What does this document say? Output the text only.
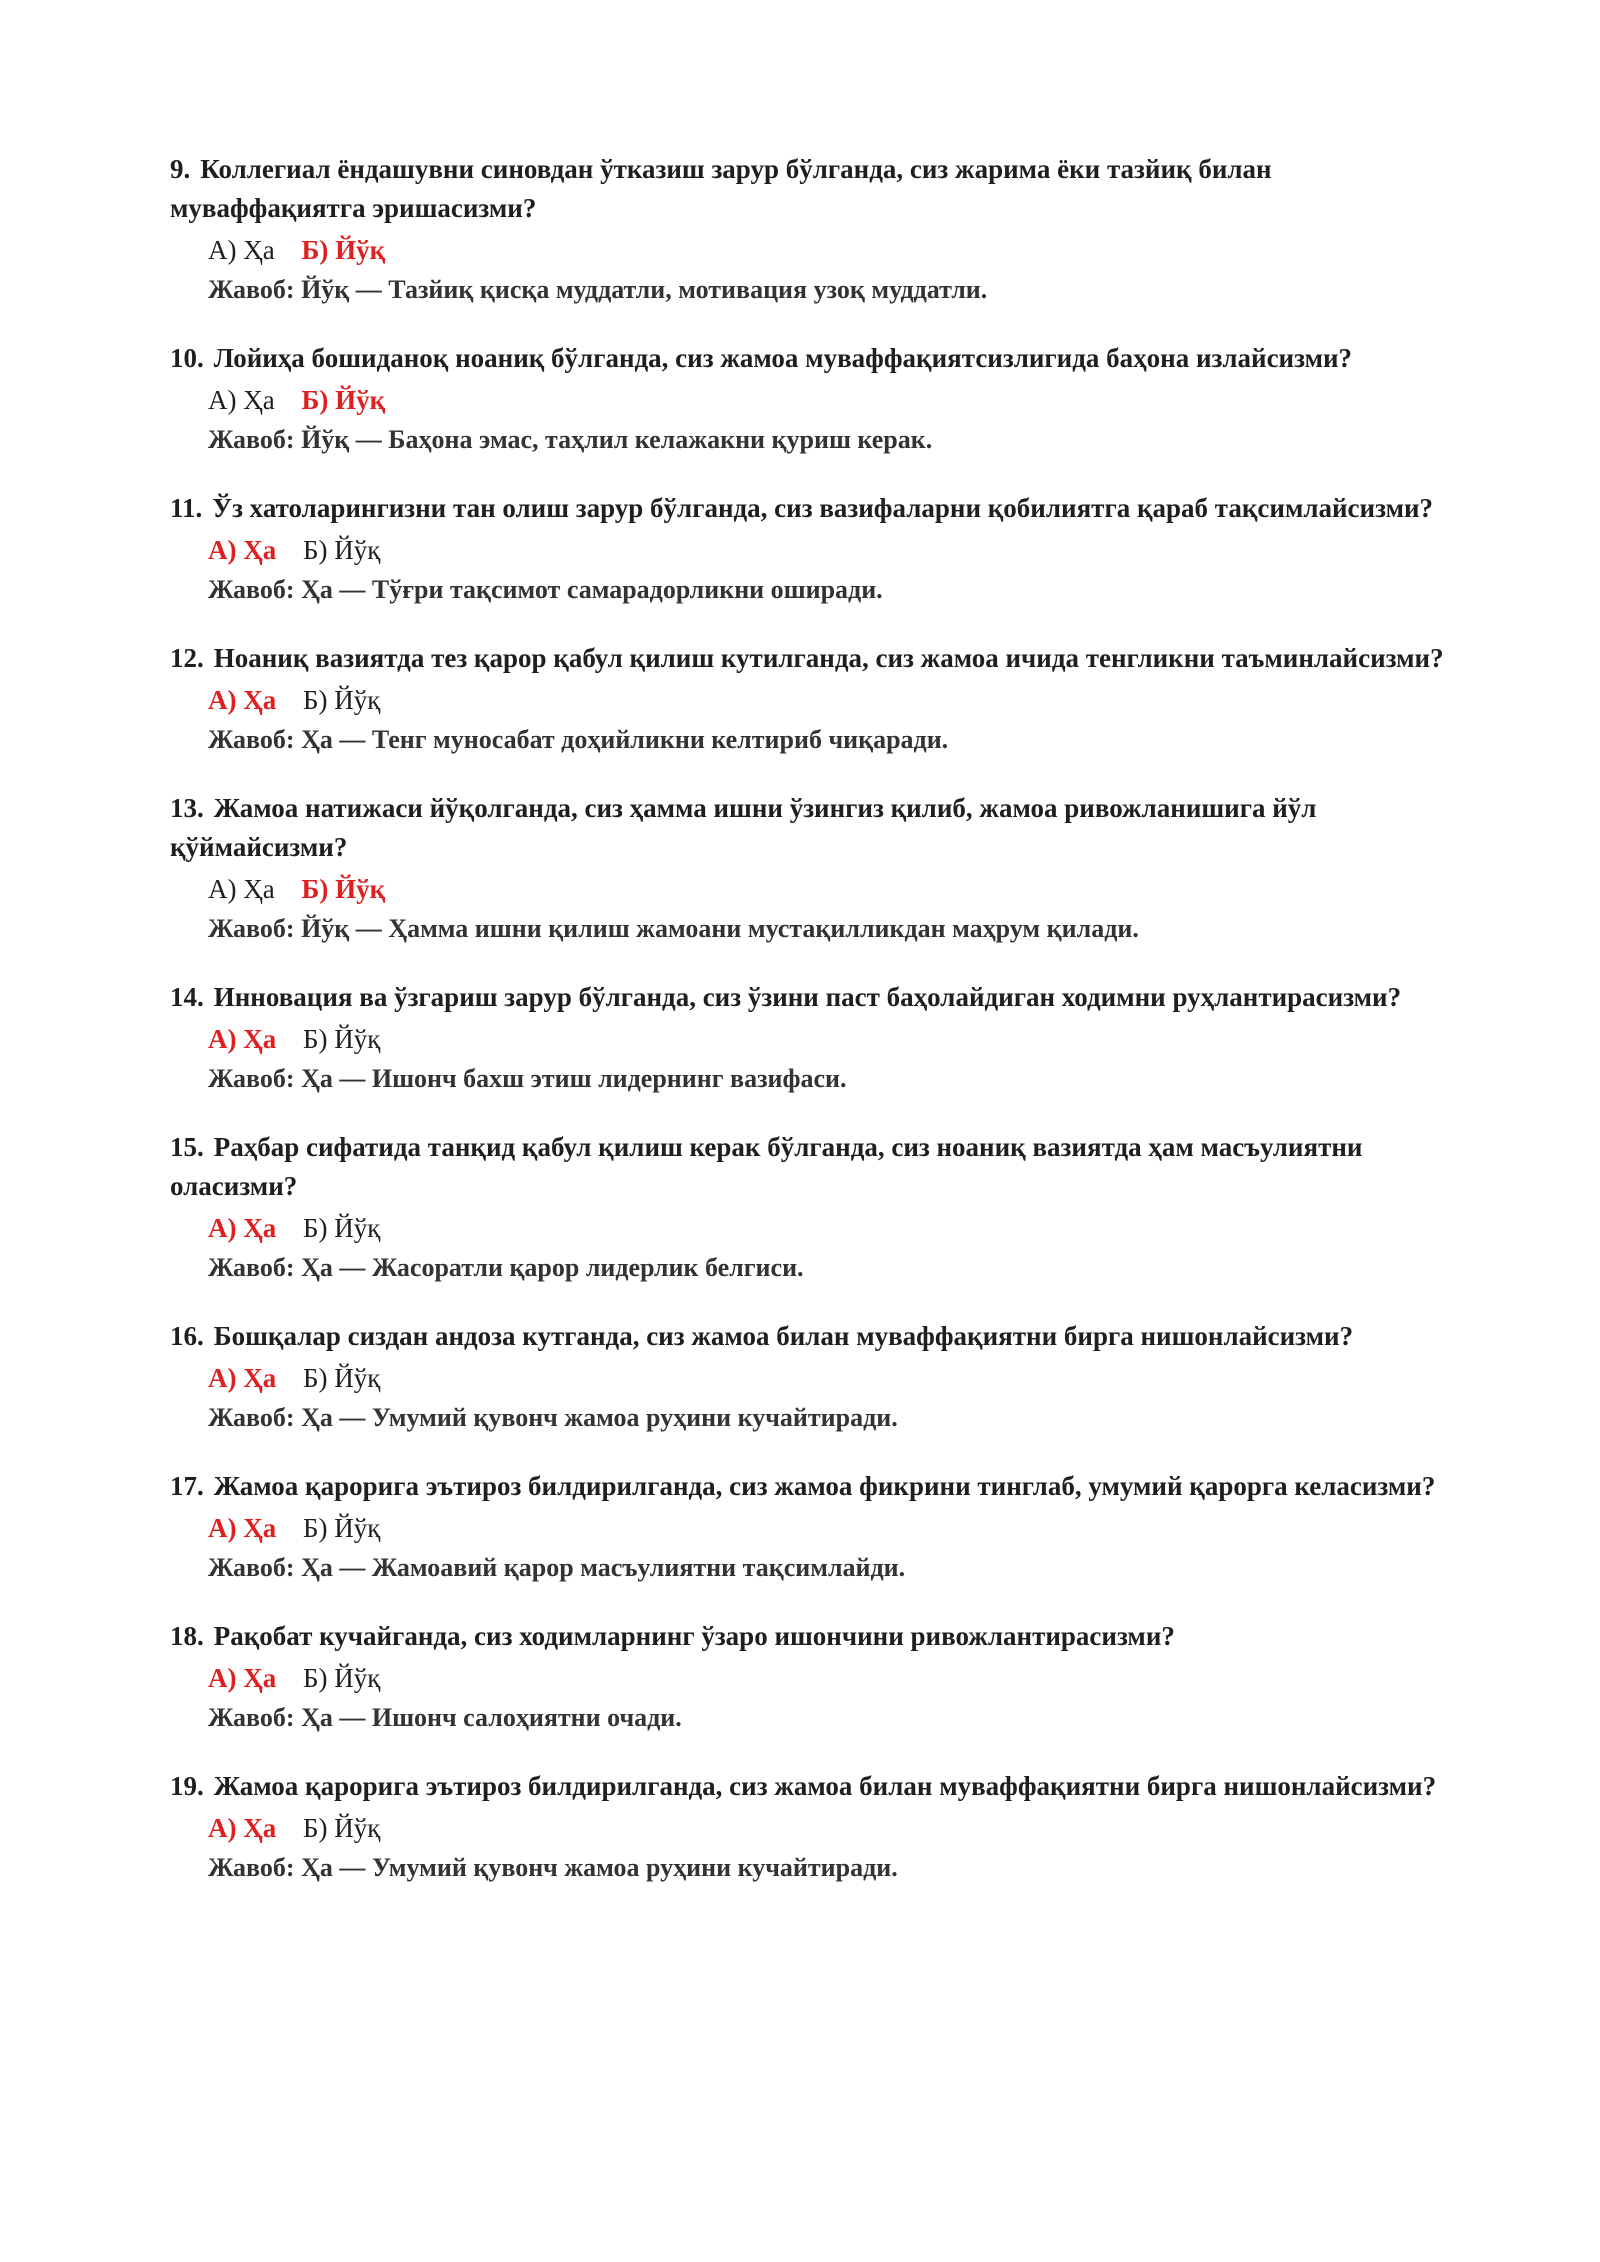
9. Коллегиал ёндашувни синовдан ўтказиш зарур бўлганда, сиз жарима ёки тазйиқ билан муваффақиятга эришасизми?

А) Ҳа Б) Йўқ
Жавоб: Йўқ — Тазйиқ қисқа муддатли, мотивация узоқ муддатли.

10. Лойиҳа бошиданоқ ноаниқ бўлганда, сиз жамоа муваффақиятсизлигида баҳона излайсизми?

А) Ҳа Б) Йўқ
Жавоб: Йўқ — Баҳона эмас, таҳлил келажакни қуриш керак.

11. Ўз хатоларингизни тан олиш зарур бўлганда, сиз вазифаларни қобилиятга қараб тақсимлайсизми?

А) Ҳа Б) Йўқ
Жавоб: Ҳа — Тўғри тақсимот самарадорликни оширади.

12. Ноаниқ вазиятда тез қарор қабул қилиш кутилганда, сиз жамоа ичида тенгликни таъминлайсизми?

А) Ҳа Б) Йўқ
Жавоб: Ҳа — Тенг муносабат доҳийликни келтириб чиқаради.

13. Жамоа натижаси йўқолганда, сиз ҳамма ишни ўзингиз қилиб, жамоа ривожланишига йўл қўймайсизми?

А) Ҳа Б) Йўқ
Жавоб: Йўқ — Ҳамма ишни қилиш жамоани мустақилликдан маҳрум қилади.

14. Инновация ва ўзгариш зарур бўлганда, сиз ўзини паст баҳолайдиган ходимни руҳлантирасизми?

А) Ҳа Б) Йўқ
Жавоб: Ҳа — Ишонч бахш этиш лидернинг вазифаси.

15. Раҳбар сифатида танқид қабул қилиш керак бўлганда, сиз ноаниқ вазиятда ҳам масъулиятни оласизми?

А) Ҳа Б) Йўқ
Жавоб: Ҳа — Жасоратли қарор лидерлик белгиси.

16. Бошқалар сиздан андоза кутганда, сиз жамоа билан муваффақиятни бирга нишонлайсизми?

А) Ҳа Б) Йўқ
Жавоб: Ҳа — Умумий қувонч жамоа руҳини кучайтиради.

17. Жамоа қарорига эътироз билдирилганда, сиз жамоа фикрини тинглаб, умумий қарорга келасизми?

А) Ҳа Б) Йўқ
Жавоб: Ҳа — Жамоавий қарор масъулиятни тақсимлайди.

18. Рақобат кучайганда, сиз ходимларнинг ўзаро ишончини ривожлантирасизми?

А) Ҳа Б) Йўқ
Жавоб: Ҳа — Ишонч салоҳиятни очади.

19. Жамоа қарорига эътироз билдирилганда, сиз жамоа билан муваффақиятни бирга нишонлайсизми?

А) Ҳа Б) Йўқ
Жавоб: Ҳа — Умумий қувонч жамоа руҳини кучайтиради.
